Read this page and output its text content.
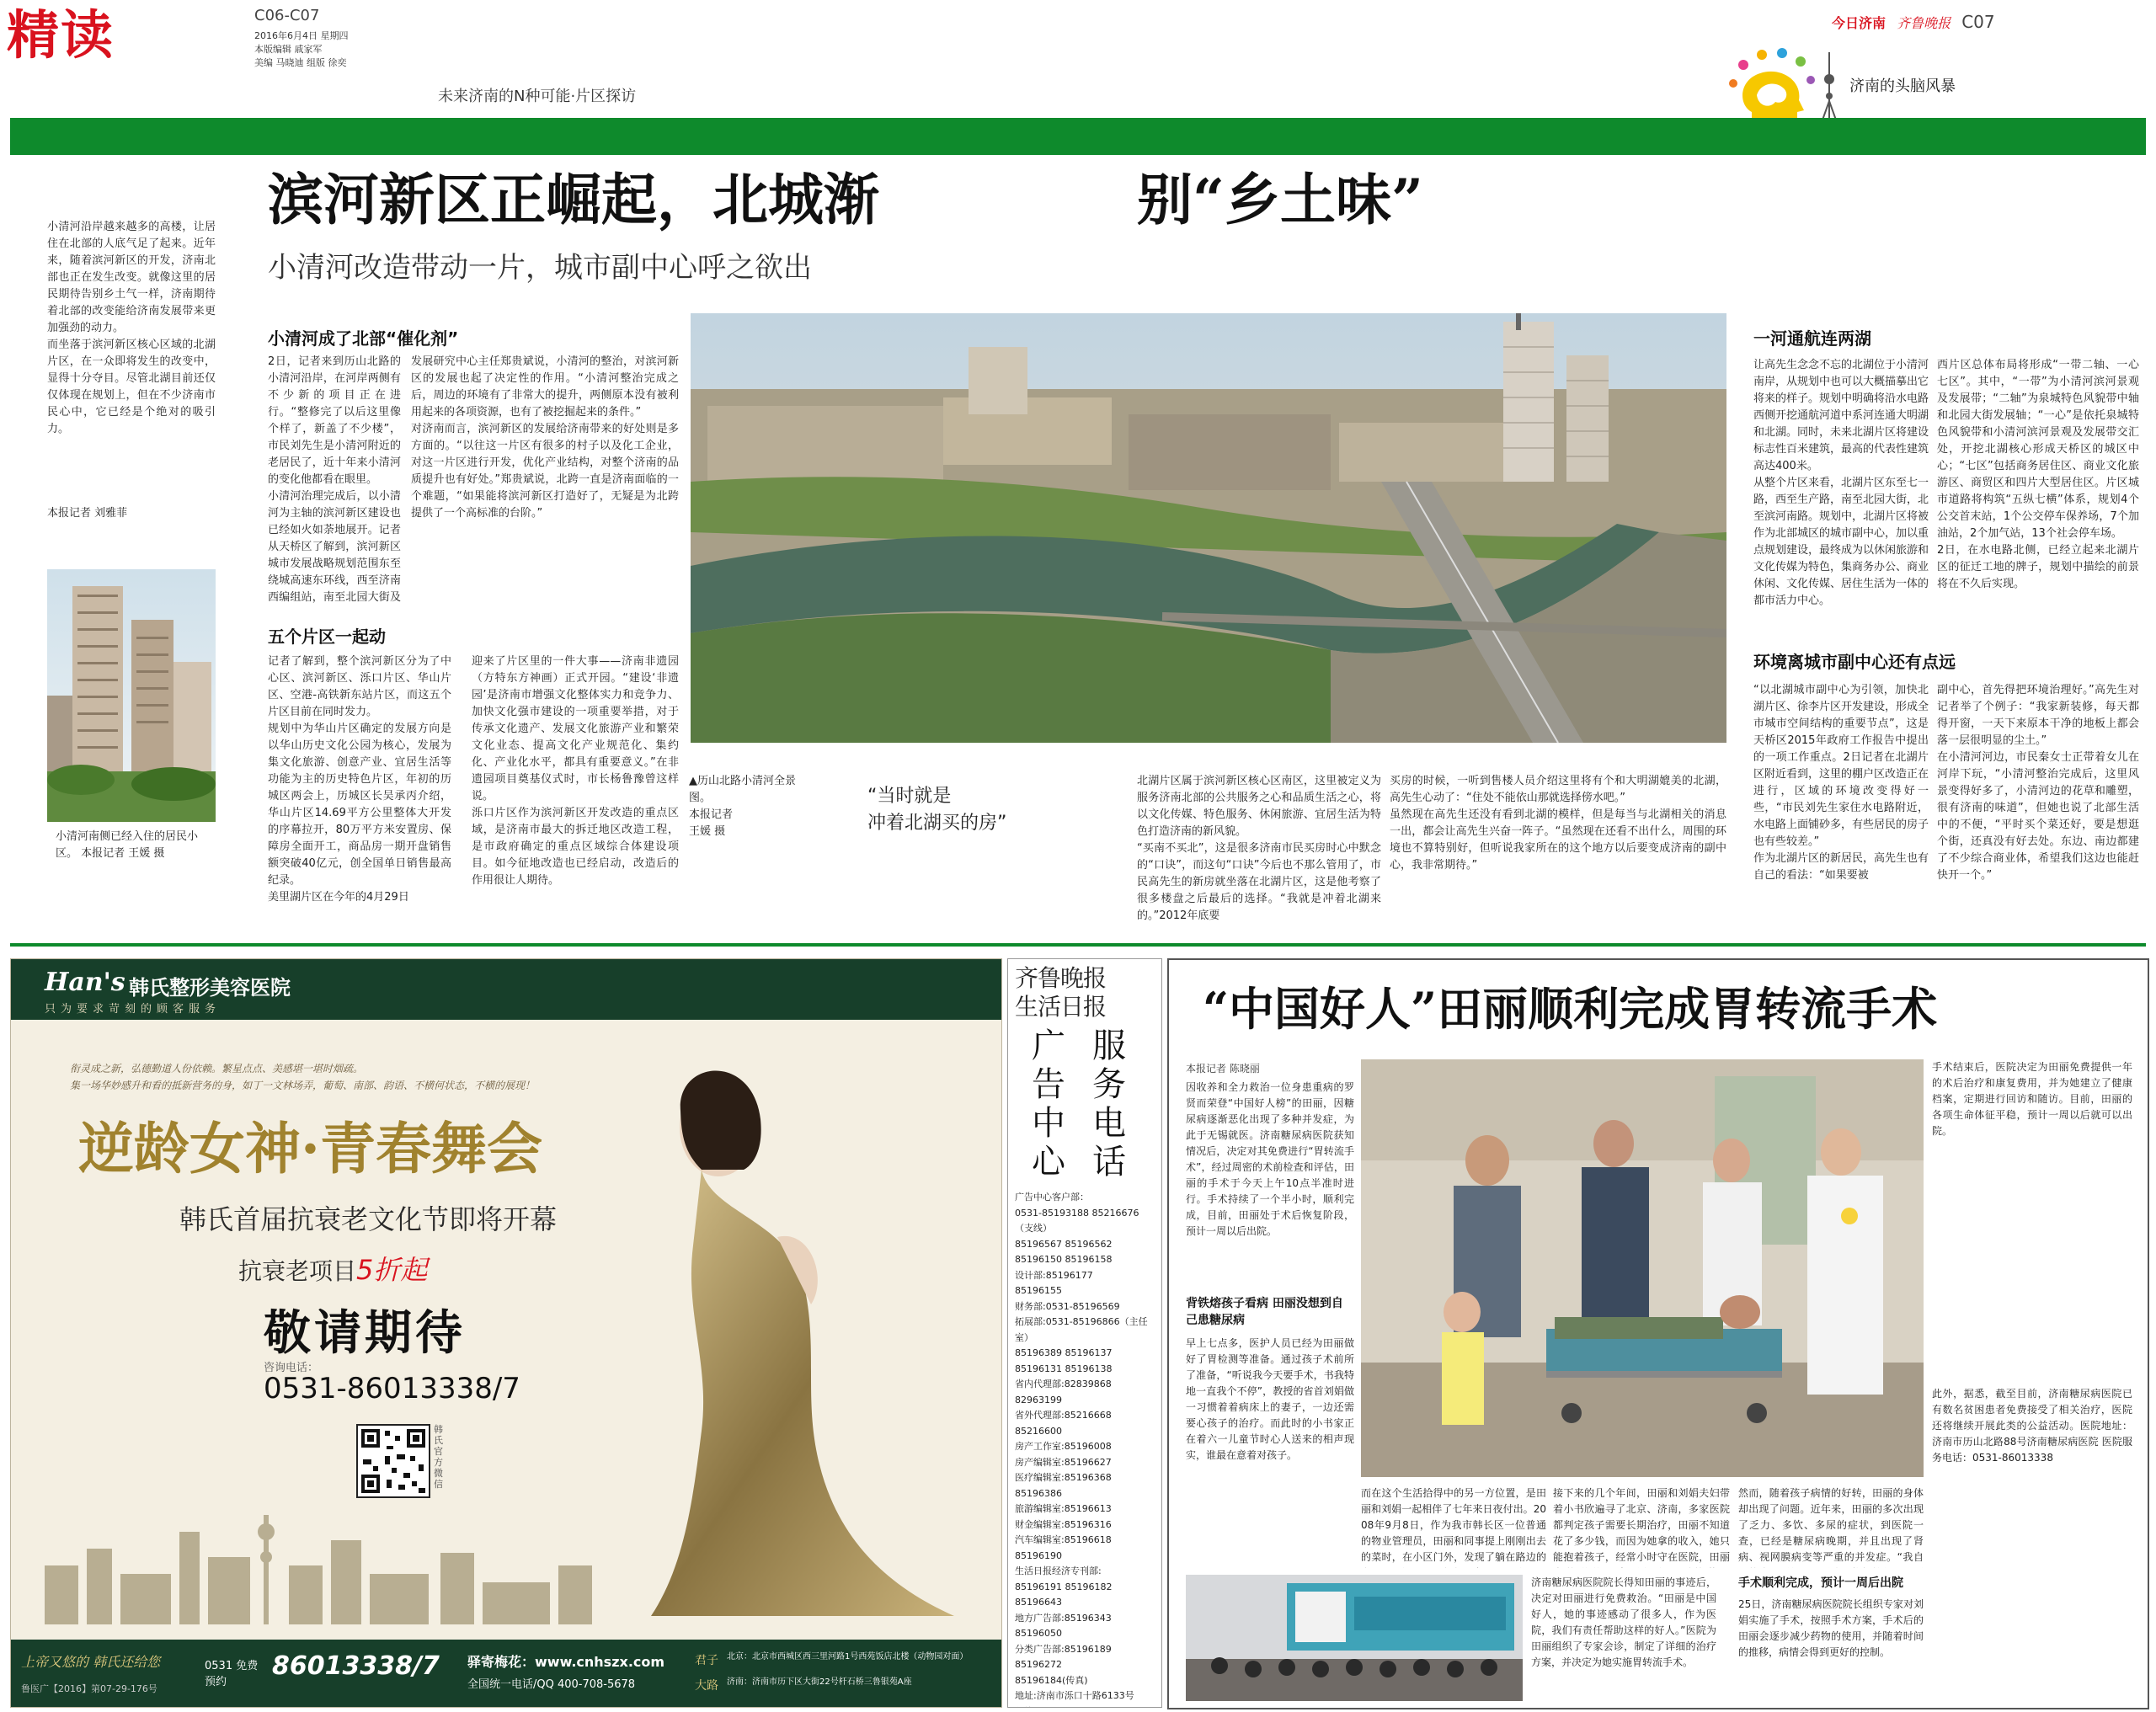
精读	C06-C07
2016年6月4日 星期四
本版编辑 戚家军
美编 马晓迪 组版 徐奕
未来济南的N种可能·片区探访
今日济南 齐鲁晚报 C07
济南的头脑风暴
滨河新区正崛起，北城渐	别“乡土味”
小清河改造带动一片，城市副中心呼之欲出
小清河沿岸越来越多的高楼，让居住在北部的人底气足了起来。近年来，随着滨河新区的开发，济南北部也正在发生改变。就像这里的居民期待告别乡土气一样，济南期待着北部的改变能给济南发展带来更加强劲的动力。
而坐落于滨河新区核心区域的北湖片区，在一众即将发生的改变中，显得十分夺目。尽管北湖目前还仅仅体现在规划上，但在不少济南市民心中，它已经是个绝对的吸引力。
本报记者 刘雅菲
小清河南侧已经入住的居民小区。 本报记者 王媛 摄
小清河成了北部“催化剂”
2日，记者来到历山北路的小清河沿岸，在河岸两侧有不少新的项目正在进行。“整修完了以后这里像个样了，新盖了不少楼”，市民刘先生是小清河附近的老居民了，近十年来小清河的变化他都看在眼里。
小清河治理完成后，以小清河为主轴的滨河新区建设也已经如火如荼地展开。记者从天桥区了解到，滨河新区城市发展战略规划范围东至绕城高速东环线，西至济南西编组站，南至北园大街及

发展研究中心主任郑贵斌说，小清河的整治，对滨河新区的发展也起了决定性的作用。“小清河整治完成之后，周边的环境有了非常大的提升，两侧原本没有被利用起来的各项资源，也有了被挖掘起来的条件。”
对济南而言，滨河新区的发展给济南带来的好处则是多方面的。“以往这一片区有很多的村子以及化工企业，对这一片区进行开发，优化产业结构，对整个济南的品质提升也有好处。”郑贵斌说，北跨一直是济南面临的一个难题，“如果能将滨河新区打造好了，无疑是为北跨提供了一个高标准的台阶。”
五个片区一起动
记者了解到，整个滨河新区分为了中心区、滨河新区、泺口片区、华山片区、空港-高铁新东站片区，而这五个片区目前在同时发力。
规划中为华山片区确定的发展方向是以华山历史文化公园为核心，发展为集文化旅游、创意产业、宜居生活等功能为主的历史特色片区，年初的历城区两会上，历城区长吴承丙介绍，华山片区14.69平方公里整体大开发的序幕拉开，80万平方米安置房、保障房全面开工，商品房一期开盘销售额突破40亿元，创全国单日销售最高纪录。
美里湖片区在今年的4月29日
迎来了片区里的一件大事——济南非遗园（方特东方神画）正式开园。“建设‘非遗园’是济南市增强文化整体实力和竞争力、加快文化强市建设的一项重要举措，对于传承文化遗产、发展文化旅游产业和繁荣文化业态、提高文化产业规范化、集约化、产业化水平，都具有重要意义。”在非遗园项目奠基仪式时，市长杨鲁豫曾这样说。
泺口片区作为滨河新区开发改造的重点区域，是济南市最大的拆迁地区改造工程，是市政府确定的重点区域综合体建设项目。如今征地改造也已经启动，改造后的作用很让人期待。
▲历山北路小清河全景图。
本报记者
王媛 摄
“当时就是
冲着北湖买的房”
北湖片区属于滨河新区核心区南区，这里被定义为服务济南北部的公共服务之心和品质生活之心，将以文化传媒、特色服务、休闲旅游、宜居生活为特色打造济南的新风貌。
“买南不买北”，这是很多济南市民买房时心中默念的“口诀”，而这句“口诀”今后也不那么管用了，市民高先生的新房就坐落在北湖片区，这是他考察了很多楼盘之后最后的选择。“我就是冲着北湖来的。”2012年底要
买房的时候，一听到售楼人员介绍这里将有个和大明湖媲美的北湖，高先生心动了：“住处不能依山那就选择傍水吧。”
虽然现在高先生还没有看到北湖的模样，但是每当与北湖相关的消息一出，都会让高先生兴奋一阵子。“虽然现在还看不出什么，周围的环境也不算特别好，但听说我家所在的这个地方以后要变成济南的副中心，我非常期待。”
一河通航连两湖
让高先生念念不忘的北湖位于小清河南岸，从规划中也可以大概描摹出它将来的样子。规划中明确将沿水电路西侧开挖通航河道中系河连通大明湖和北湖。同时，未来北湖片区将建设标志性百米建筑，最高的代表性建筑高达400米。
从整个片区来看，北湖片区东至七一路，西至生产路，南至北园大街，北至滨河南路。规划中，北湖片区将被作为北部城区的城市副中心，加以重点规划建设，最终成为以休闲旅游和文化传媒为特色，集商务办公、商业休闲、文化传媒、居住生活为一体的都市活力中心。
西片区总体布局将形成“一带二轴、一心七区”。其中，“一带”为小清河滨河景观及发展带；“二轴”为泉城特色风貌带中轴和北园大街发展轴；“一心”是依托泉城特色风貌带和小清河滨河景观及发展带交汇处，开挖北湖核心形成天桥区的城区中心；“七区”包括商务居住区、商业文化旅游区、商贸区和四片大型居住区。片区城市道路将构筑“五纵七横”体系，规划4个公交首末站，1个公交停车保养场，7个加油站，2个加气站，13个社会停车场。
2日，在水电路北侧，已经立起来北湖片区的征迁工地的牌子，规划中描绘的前景将在不久后实现。
环境离城市副中心还有点远
“以北湖城市副中心为引领，加快北湖片区、徐李片区开发建设，形成全市城市空间结构的重要节点”，这是天桥区2015年政府工作报告中提出的一项工作重点。2日记者在北湖片区附近看到，这里的棚户区改造正在进行，区域的环境改变得好一些，“市民刘先生家住水电路附近，水电路上面铺砂多，有些居民的房子也有些较差。”
作为北湖片区的新居民，高先生也有自己的看法：“如果要被
副中心，首先得把环境治理好。”高先生对记者举了个例子：“我家新装修，每天都得开窗，一天下来原本干净的地板上都会落一层很明显的尘土。”
在小清河河边，市民秦女士正带着女儿在河岸下玩，“小清河整治完成后，这里风景变得好多了，小清河边的花草和雕塑，很有济南的味道”，但她也说了北部生活中的不便，“平时买个菜还好，要是想逛个街，还真没有好去处。东边、南边都建了不少综合商业体，希望我们这边也能赶快开一个。”
Han's 韩氏整形美容医院
只为要求苛刻的顾客服务
衔灵成之新，弘德勤道人份依赖。繁星点点、美感堪一堪时烟疏。
集一场华妙感升和看的抵新营务的身，如丁一文林场弄，葡萄、南部、韵语、不横何状态，不横的展现！
逆龄女神·青春舞会
韩氏首届抗衰老文化节即将开幕
抗衰老项目5折起
敬请期待
咨询电话：
0531-86013338/7
韩氏官方微信
上帝又悠的 韩氏还给您
鲁医广【2016】第07-29-176号
0531 免费预约
86013338/7 驿寄梅花：www.cnhszx.com
全国统一电话/QQ 400-708-5678
君子
大路
北京：北京市西城区西三里河路1号西苑饭店北楼（动物园对面）
济南：济南市历下区大街22号杆石桥三鲁银苑A座
齐鲁晚报
生活日报
广告中心
服务电话
广告中心客户部：
0531-85193188 85216676（支线）
85196567 85196562
85196150 85196158
设计部:85196177
85196155
财务部:0531-85196569
拓展部:0531-85196866（主任室）
85196389 85196137
85196131 85196138
省内代理部:82839868
82963199
省外代理部:85216668
85216600
房产工作室:85196008
房产编辑室:85196627
医疗编辑室:85196368
85196386
旅游编辑室:85196613
财金编辑室:85196316
汽车编辑室:85196618
85196190
生活日报经济专刊部:
85196191 85196182
85196643
地方广告部:85196343
85196050
分类广告部:85196189
85196272
85196184(传真)
地址:济南市泺口十路6133号
“中国好人”田丽顺利完成胃转流手术
本报记者 陈晓丽
因收养和全力救治一位身患重病的罗贤而荣登“中国好人榜”的田丽，因糖尿病逐渐恶化出现了多种并发症，为此于无锡就医。济南糖尿病医院获知情况后，决定对其免费进行“胃转流手术”，经过周密的术前检查和评估，田丽的手术于今天上午10点半准时进行。手术持续了一个半小时，顺利完成，目前，田丽处于术后恢复阶段，预计一周以后出院。
背铁熔孩子看病 田丽没想到自己患糖尿病
早上七点多，医护人员已经为田丽做好了胃检测等准备。通过孩子术前所了准备，“听说我今天要手术，书我特地一直我个不停”，教授的省首刘娟做一习惯着着病床上的妻子，一边还需要心孩子的治疗。而此时的小书家正在着六一儿童节时心人送来的相声现实，谁最在意着对孩子。
而在这个生活拾得中的另一方位置，是田丽和刘娟一起相伴了七年来日夜付出。2008年9月8日，作为我市韩长区一位普通的物业管理员，田丽和同事提上刚刚出去的菜时，在小区门外，发现了躺在路边的
接下来的几个年间，田丽和刘娟夫妇带着小书欣遍寻了北京、济南，多家医院都判定孩子需要长期治疗，田丽不知道花了多少钱，而因为她拿的收入，她只能抱着孩子，经常小时守在医院，田丽
然而，随着孩子病情的好转，田丽的身体却出现了问题。近年来，田丽的多次出现了乏力、多饮、多尿的症状，到医院一查，已经是糖尿病晚期，并且出现了肾病、视网膜病变等严重的并发症。“我自
济南糖尿病医院院长得知田丽的事迹后，决定对田丽进行免费救治。“田丽是中国好人，她的事迹感动了很多人，作为医院，我们有责任帮助这样的好人。”医院为田丽组织了专家会诊，制定了详细的治疗方案，并决定为她实施胃转流手术。
手术顺利完成，预计一周后出院
25日，济南糖尿病医院院长组织专家对刘娟实施了手术，按照手术方案，手术后的田丽会逐步减少药物的使用，并随着时间的推移，病情会得到更好的控制。
手术结束后，医院决定为田丽免费提供一年的术后治疗和康复费用，并为她建立了健康档案，定期进行回访和随访。目前，田丽的各项生命体征平稳，预计一周以后就可以出院。
此外，据悉，截至目前，济南糖尿病医院已有数名贫困患者免费接受了相关治疗，医院还将继续开展此类的公益活动。医院地址：济南市历山北路88号济南糖尿病医院 医院服务电话：0531-86013338
